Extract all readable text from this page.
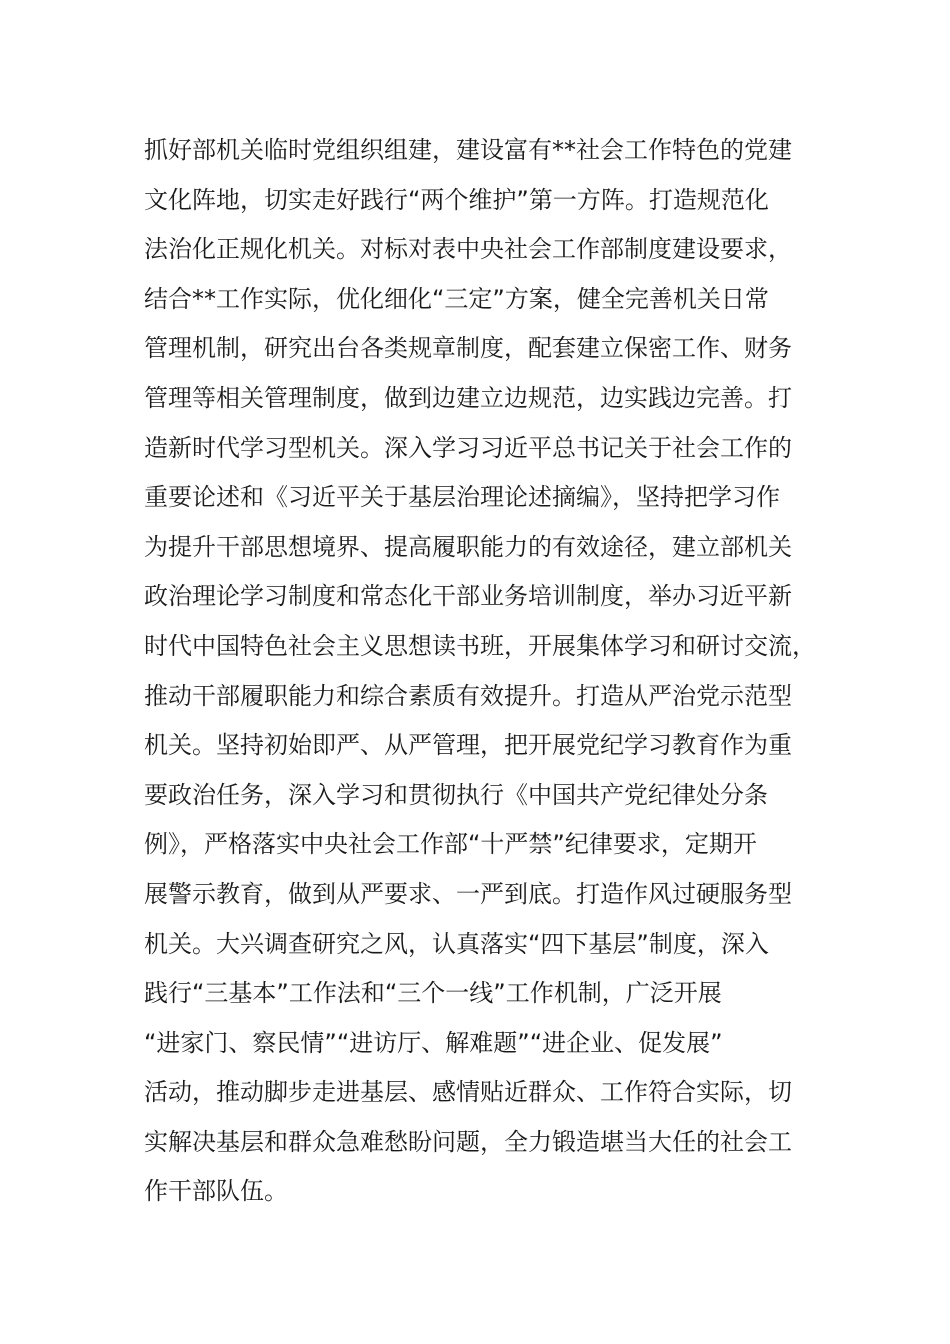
抓好部机关临时党组织组建，建设富有**社会工作特色的党建
文化阵地，切实走好践行“两个维护”第一方阵。打造规范化
法治化正规化机关。对标对表中央社会工作部制度建设要求，
结合**工作实际，优化细化“三定”方案，健全完善机关日常
管理机制，研究出台各类规章制度，配套建立保密工作、财务
管理等相关管理制度，做到边建立边规范，边实践边完善。打
造新时代学习型机关。深入学习习近平总书记关于社会工作的
重要论述和《习近平关于基层治理论述摘编》，坚持把学习作
为提升干部思想境界、提高履职能力的有效途径，建立部机关
政治理论学习制度和常态化干部业务培训制度，举办习近平新
时代中国特色社会主义思想读书班，开展集体学习和研讨交流，
推动干部履职能力和综合素质有效提升。打造从严治党示范型
机关。坚持初始即严、从严管理，把开展党纪学习教育作为重
要政治任务，深入学习和贯彻执行《中国共产党纪律处分条
例》，严格落实中央社会工作部“十严禁”纪律要求，定期开
展警示教育，做到从严要求、一严到底。打造作风过硬服务型
机关。大兴调查研究之风，认真落实“四下基层”制度，深入
践行“三基本”工作法和“三个一线”工作机制，广泛开展
“进家门、察民情”“进访厅、解难题”“进企业、促发展”
活动，推动脚步走进基层、感情贴近群众、工作符合实际，切
实解决基层和群众急难愁盼问题，全力锻造堪当大任的社会工
作干部队伍。
